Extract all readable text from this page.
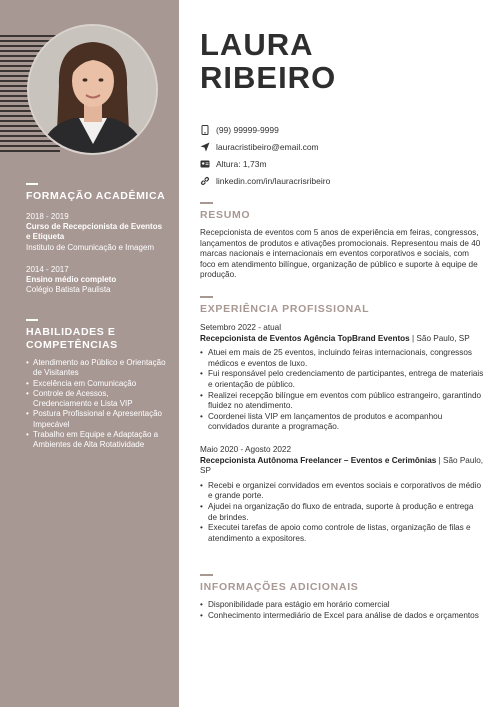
FORMAÇÃO ACADÊMICA
2018 - 2019
Curso de Recepcionista de Eventos e Etiqueta
Instituto de Comunicação e Imagem
2014 - 2017
Ensino médio completo
Colégio Batista Paulista
HABILIDADES E COMPETÊNCIAS
• Atendimento ao Público e Orientação de Visitantes
• Excelência em Comunicação
• Controle de Acessos, Credenciamento e Lista VIP
• Postura Profissional e Apresentação Impecável
• Trabalho em Equipe e Adaptação a Ambientes de Alta Rotatividade
LAURA
RIBEIRO
(99) 99999-9999
lauracristibeiro@email.com
Altura: 1,73m
linkedin.com/in/lauracrisribeiro
RESUMO
Recepcionista de eventos com 5 anos de experiência em feiras, congressos, lançamentos de produtos e ativações promocionais. Representou mais de 40 marcas nacionais e internacionais em eventos corporativos e sociais, com foco em atendimento bilíngue, organização de público e suporte à equipe de produção.
EXPERIÊNCIA PROFISSIONAL
Setembro 2022 - atual
Recepcionista de Eventos Agência TopBrand Eventos | São Paulo, SP
• Atuei em mais de 25 eventos, incluindo feiras internacionais, congressos médicos e eventos de luxo.
• Fui responsável pelo credenciamento de participantes, entrega de materiais e orientação de público.
• Realizei recepção bilíngue em eventos com público estrangeiro, garantindo fluidez no atendimento.
• Coordenei lista VIP em lançamentos de produtos e acompanhou convidados durante a programação.
Maio 2020 - Agosto 2022
Recepcionista Autônoma Freelancer – Eventos e Cerimônias | São Paulo, SP
• Recebi e organizei convidados em eventos sociais e corporativos de médio e grande porte.
• Ajudei na organização do fluxo de entrada, suporte à produção e entrega de brindes.
• Executei tarefas de apoio como controle de listas, organização de filas e atendimento a expositores.
INFORMAÇÕES ADICIONAIS
• Disponibilidade para estágio em horário comercial
• Conhecimento intermediário de Excel para análise de dados e orçamentos
